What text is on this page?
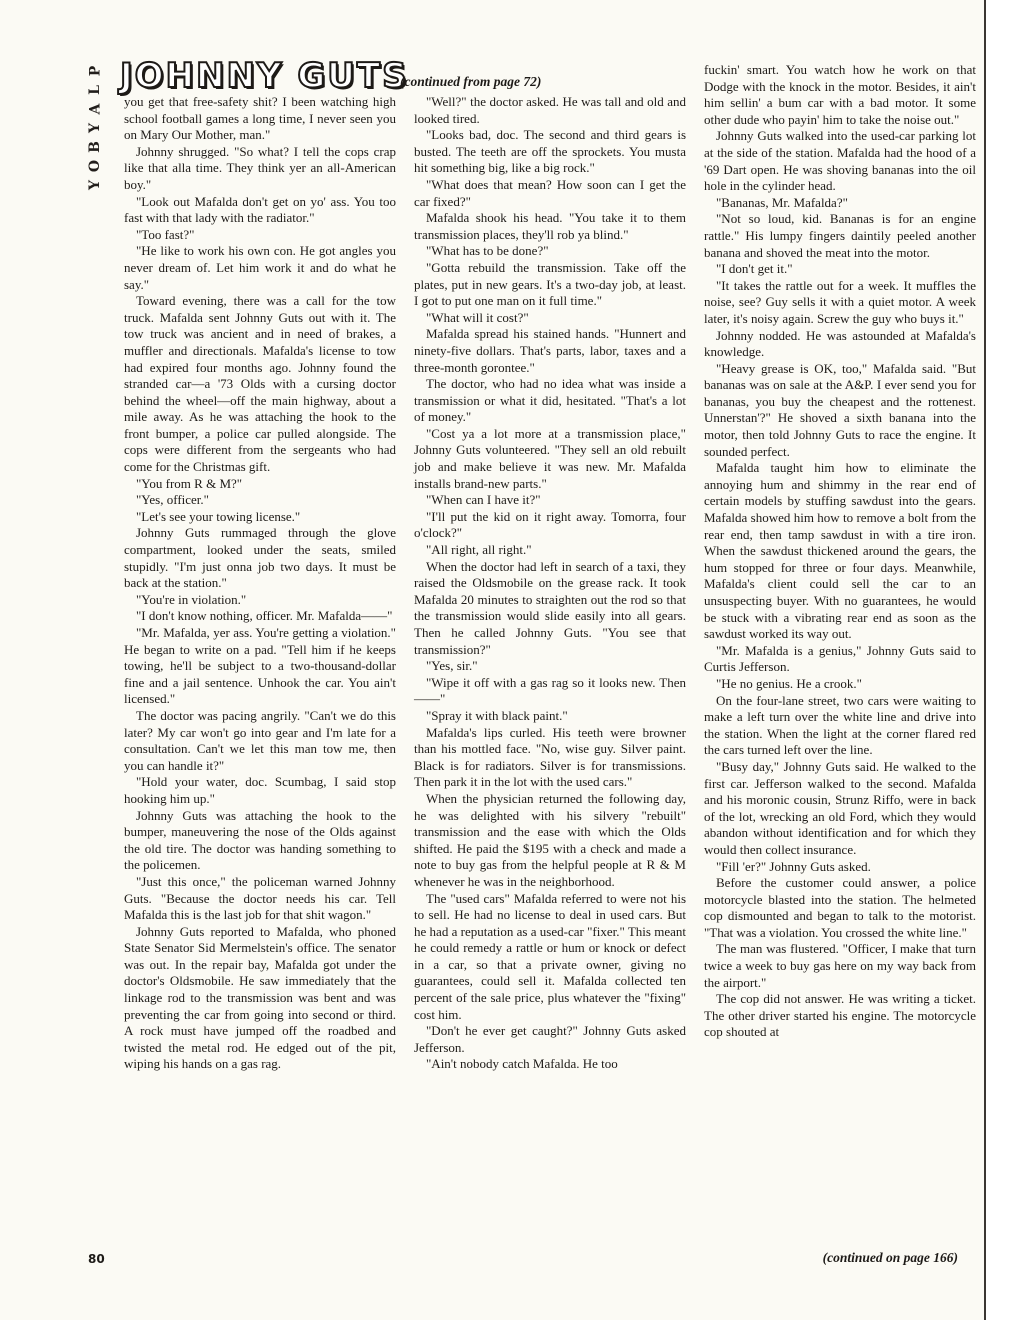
P
L
A
Y
B
O
Y
JOHNNY GUTS
(continued from page 72)

you get that free-safety shit? I been watching high school football games a long time, I never seen you on Mary Our Mother, man."

Johnny shrugged. "So what? I tell the cops crap like that alla time. They think yer an all-American boy."

"Look out Mafalda don't get on yo' ass. You too fast with that lady with the radiator."

"Too fast?"

"He like to work his own con. He got angles you never dream of. Let him work it and do what he say."

Toward evening, there was a call for the tow truck. Mafalda sent Johnny Guts out with it. The tow truck was ancient and in need of brakes, a muffler and directionals. Mafalda's license to tow had expired four months ago. Johnny found the stranded car—a '73 Olds with a cursing doctor behind the wheel—off the main highway, about a mile away. As he was attaching the hook to the front bumper, a police car pulled alongside. The cops were different from the sergeants who had come for the Christmas gift.

"You from R & M?"

"Yes, officer."

"Let's see your towing license."

Johnny Guts rummaged through the glove compartment, looked under the seats, smiled stupidly. "I'm just onna job two days. It must be back at the station."

"You're in violation."

"I don't know nothing, officer. Mr. Mafalda——"

"Mr. Mafalda, yer ass. You're getting a violation." He began to write on a pad. "Tell him if he keeps towing, he'll be subject to a two-thousand-dollar fine and a jail sentence. Unhook the car. You ain't licensed."

The doctor was pacing angrily. "Can't we do this later? My car won't go into gear and I'm late for a consultation. Can't we let this man tow me, then you can handle it?"

"Hold your water, doc. Scumbag, I said stop hooking him up."

Johnny Guts was attaching the hook to the bumper, maneuvering the nose of the Olds against the old tire. The doctor was handing something to the policemen.

"Just this once," the policeman warned Johnny Guts. "Because the doctor needs his car. Tell Mafalda this is the last job for that shit wagon."

Johnny Guts reported to Mafalda, who phoned State Senator Sid Mermelstein's office. The senator was out. In the repair bay, Mafalda got under the doctor's Oldsmobile. He saw immediately that the linkage rod to the transmission was bent and was preventing the car from going into second or third. A rock must have jumped off the roadbed and twisted the metal rod. He edged out of the pit, wiping his hands on a gas rag.

"Well?" the doctor asked. He was tall and old and looked tired.

"Looks bad, doc. The second and third gears is busted. The teeth are off the sprockets. You musta hit something big, like a big rock."

"What does that mean? How soon can I get the car fixed?"

Mafalda shook his head. "You take it to them transmission places, they'll rob ya blind."

"What has to be done?"

"Gotta rebuild the transmission. Take off the plates, put in new gears. It's a two-day job, at least. I got to put one man on it full time."

"What will it cost?"

Mafalda spread his stained hands. "Hunnert and ninety-five dollars. That's parts, labor, taxes and a three-month gorontee."

The doctor, who had no idea what was inside a transmission or what it did, hesitated. "That's a lot of money."

"Cost ya a lot more at a transmission place," Johnny Guts volunteered. "They sell an old rebuilt job and make believe it was new. Mr. Mafalda installs brand-new parts."

"When can I have it?"

"I'll put the kid on it right away. Tomorra, four o'clock?"

"All right, all right."

When the doctor had left in search of a taxi, they raised the Oldsmobile on the grease rack. It took Mafalda 20 minutes to straighten out the rod so that the transmission would slide easily into all gears. Then he called Johnny Guts. "You see that transmission?"

"Yes, sir."

"Wipe it off with a gas rag so it looks new. Then——"

"Spray it with black paint."

Mafalda's lips curled. His teeth were browner than his mottled face. "No, wise guy. Silver paint. Black is for radiators. Silver is for transmissions. Then park it in the lot with the used cars."

When the physician returned the following day, he was delighted with his silvery "rebuilt" transmission and the ease with which the Olds shifted. He paid the $195 with a check and made a note to buy gas from the helpful people at R & M whenever he was in the neighborhood.

The "used cars" Mafalda referred to were not his to sell. He had no license to deal in used cars. But he had a reputation as a used-car "fixer." This meant he could remedy a rattle or hum or knock or defect in a car, so that a private owner, giving no guarantees, could sell it. Mafalda collected ten percent of the sale price, plus whatever the "fixing" cost him.

"Don't he ever get caught?" Johnny Guts asked Jefferson.

"Ain't nobody catch Mafalda. He too

fuckin' smart. You watch how he work on that Dodge with the knock in the motor. Besides, it ain't him sellin' a bum car with a bad motor. It some other dude who payin' him to take the noise out."

Johnny Guts walked into the used-car parking lot at the side of the station. Mafalda had the hood of a '69 Dart open. He was shoving bananas into the oil hole in the cylinder head.

"Bananas, Mr. Mafalda?"

"Not so loud, kid. Bananas is for an engine rattle." His lumpy fingers daintily peeled another banana and shoved the meat into the motor.

"I don't get it."

"It takes the rattle out for a week. It muffles the noise, see? Guy sells it with a quiet motor. A week later, it's noisy again. Screw the guy who buys it."

Johnny nodded. He was astounded at Mafalda's knowledge.

"Heavy grease is OK, too," Mafalda said. "But bananas was on sale at the A&P. I ever send you for bananas, you buy the cheapest and the rottenest. Unnerstan'?" He shoved a sixth banana into the motor, then told Johnny Guts to race the engine. It sounded perfect.

Mafalda taught him how to eliminate the annoying hum and shimmy in the rear end of certain models by stuffing sawdust into the gears. Mafalda showed him how to remove a bolt from the rear end, then tamp sawdust in with a tire iron. When the sawdust thickened around the gears, the hum stopped for three or four days. Meanwhile, Mafalda's client could sell the car to an unsuspecting buyer. With no guarantees, he would be stuck with a vibrating rear end as soon as the sawdust worked its way out.

"Mr. Mafalda is a genius," Johnny Guts said to Curtis Jefferson.

"He no genius. He a crook."

On the four-lane street, two cars were waiting to make a left turn over the white line and drive into the station. When the light at the corner flared red the cars turned left over the line.

"Busy day," Johnny Guts said. He walked to the first car. Jefferson walked to the second. Mafalda and his moronic cousin, Strunz Riffo, were in back of the lot, wrecking an old Ford, which they would abandon without identification and for which they would then collect insurance.

"Fill 'er?" Johnny Guts asked.

Before the customer could answer, a police motorcycle blasted into the station. The helmeted cop dismounted and began to talk to the motorist. "That was a violation. You crossed the white line."

The man was flustered. "Officer, I make that turn twice a week to buy gas here on my way back from the airport."

The cop did not answer. He was writing a ticket. The other driver started his engine. The motorcycle cop shouted at

(continued on page 166)
80
